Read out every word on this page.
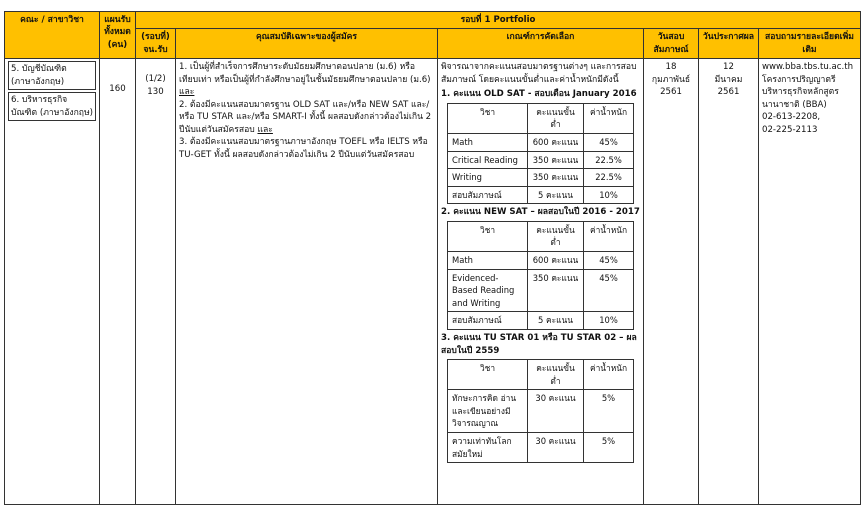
คณะ / สาขาวิชา	แผนรับทั้งหมด (คน)	รอบที่ 1 Portfolio
(รอบที่) จน.รับ	คุณสมบัติเฉพาะของผู้สมัคร	เกณฑ์การคัดเลือก	วันสอบสัมภาษณ์	วันประกาศผล	สอบถามรายละเอียดเพิ่มเติม

5. บัญชีบัณฑิต (ภาษาอังกฤษ)
6. บริหารธุรกิจบัณฑิต (ภาษาอังกฤษ)

160

(1/2)
130

1. เป็นผู้ที่สำเร็จการศึกษาระดับมัธยมศึกษาตอนปลาย (ม.6) หรือเทียบเท่า หรือเป็นผู้ที่กำลังศึกษาอยู่ในชั้นมัธยมศึกษาตอนปลาย (ม.6) และ
2. ต้องมีคะแนนสอบมาตรฐาน OLD SAT และ/หรือ NEW SAT และ/หรือ TU STAR และ/หรือ SMART-I ทั้งนี้ ผลสอบดังกล่าวต้องไม่เกิน 2 ปีนับแต่วันสมัครสอบ และ
3. ต้องมีคะแนนสอบมาตรฐานภาษาอังกฤษ TOEFL หรือ IELTS หรือ TU-GET ทั้งนี้ ผลสอบดังกล่าวต้องไม่เกิน 2 ปีนับแต่วันสมัครสอบ

พิจารณาจากคะแนนสอบมาตรฐานต่างๆ และการสอบสัมภาษณ์ โดยคะแนนขั้นต่ำและค่าน้ำหนักมีดังนี้
1. คะแนน OLD SAT - สอบเดือน January 2016
วิชา	คะแนนขั้นต่ำ	ค่าน้ำหนัก
Math	600 คะแนน	45%
Critical Reading	350 คะแนน	22.5%
Writing	350 คะแนน	22.5%
สอบสัมภาษณ์	5 คะแนน	10%
2. คะแนน NEW SAT – ผลสอบในปี 2016 - 2017
วิชา	คะแนนขั้นต่ำ	ค่าน้ำหนัก
Math	600 คะแนน	45%
Evidenced-Based Reading and Writing	350 คะแนน	45%
สอบสัมภาษณ์	5 คะแนน	10%
3. คะแนน TU STAR 01 หรือ TU STAR 02 – ผลสอบในปี 2559
วิชา	คะแนนขั้นต่ำ	ค่าน้ำหนัก
ทักษะการคิด อ่าน และเขียนอย่างมีวิจารณญาณ	30 คะแนน	5%
ความเท่าทันโลกสมัยใหม่	30 คะแนน	5%

18
กุมภาพันธ์
2561

12
มีนาคม
2561

www.bba.tbs.tu.ac.th
โครงการปริญญาตรีบริหารธุรกิจหลักสูตรนานาชาติ (BBA)
02-613-2208,
02-225-2113
